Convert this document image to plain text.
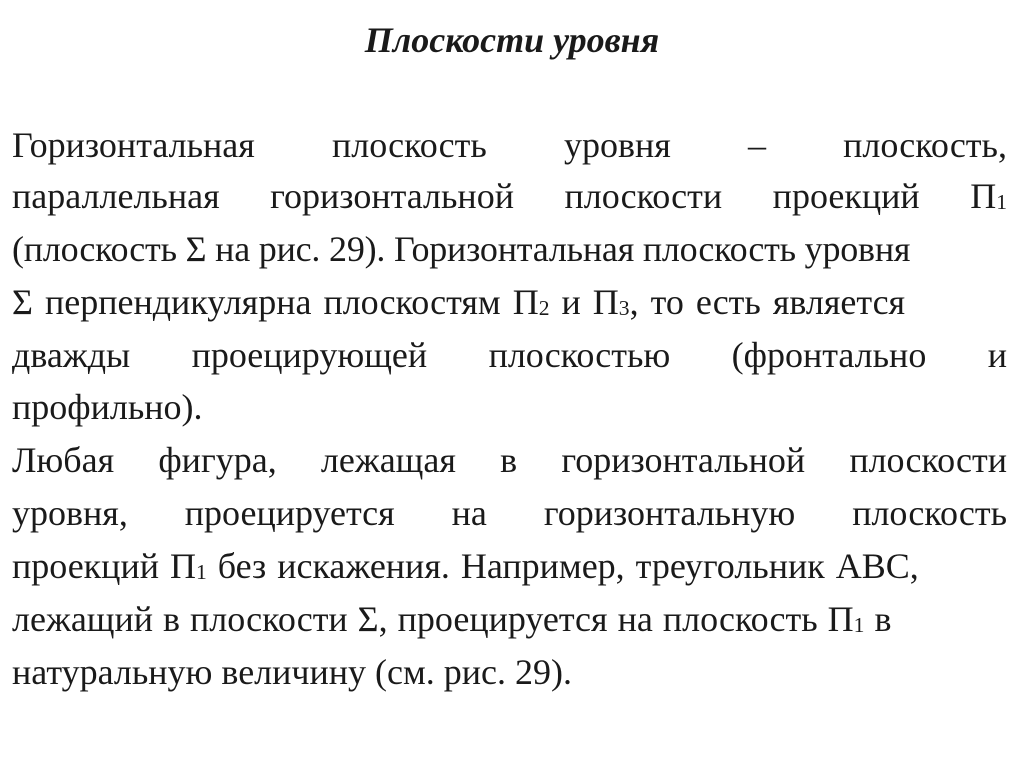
Плоскости уровня
Горизонтальная плоскость уровня – плоскость,
параллельная горизонтальной плоскости проекций $П_1$
(плоскость Σ на рис. 29). Горизонтальная плоскость уровня
Σ перпендикулярна плоскостям $П_2$ и $П_3$, то есть является
дважды проецирующей плоскостью (фронтально и
профильно).
Любая фигура, лежащая в горизонтальной плоскости
уровня, проецируется на горизонтальную плоскость
проекций $П_1$ без искажения. Например, треугольник ABC,
лежащий в плоскости Σ, проецируется на плоскость $П_1$ в
натуральную величину (см. рис. 29).
